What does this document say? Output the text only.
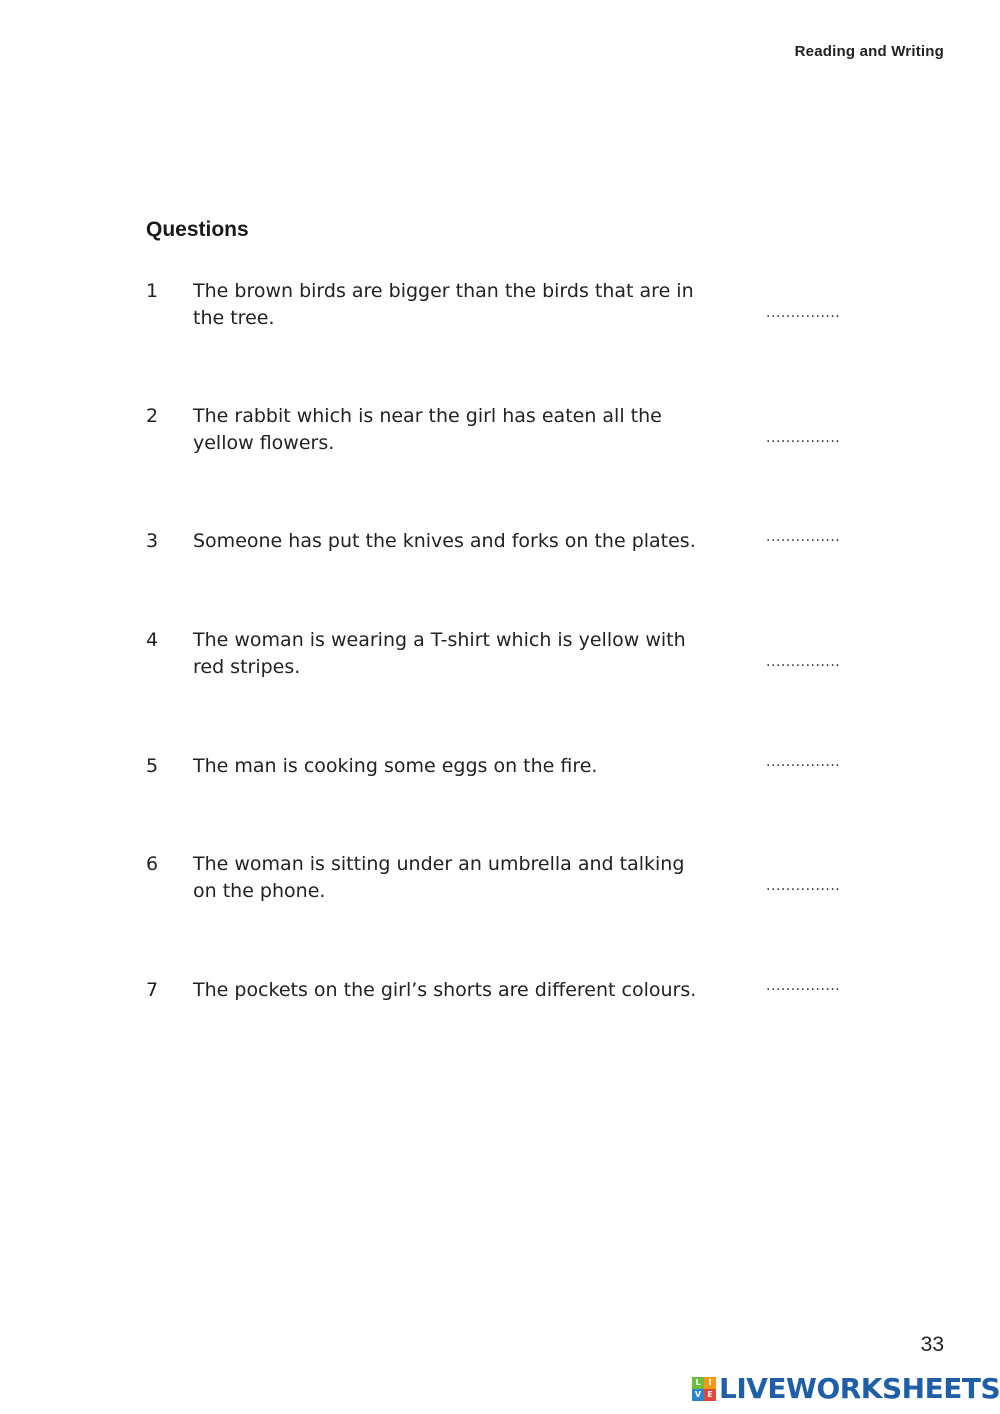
Reading and Writing
Questions
1 The brown birds are bigger than the birds that are in the tree.	...............
2 The rabbit which is near the girl has eaten all the yellow flowers.	...............
3 Someone has put the knives and forks on the plates.	...............
4 The woman is wearing a T-shirt which is yellow with red stripes.	...............
5 The man is cooking some eggs on the fire.	...............
6 The woman is sitting under an umbrella and talking on the phone.	...............
7 The pockets on the girl’s shorts are different colours.	...............
33
L I
V E LIVEWORKSHEETS
